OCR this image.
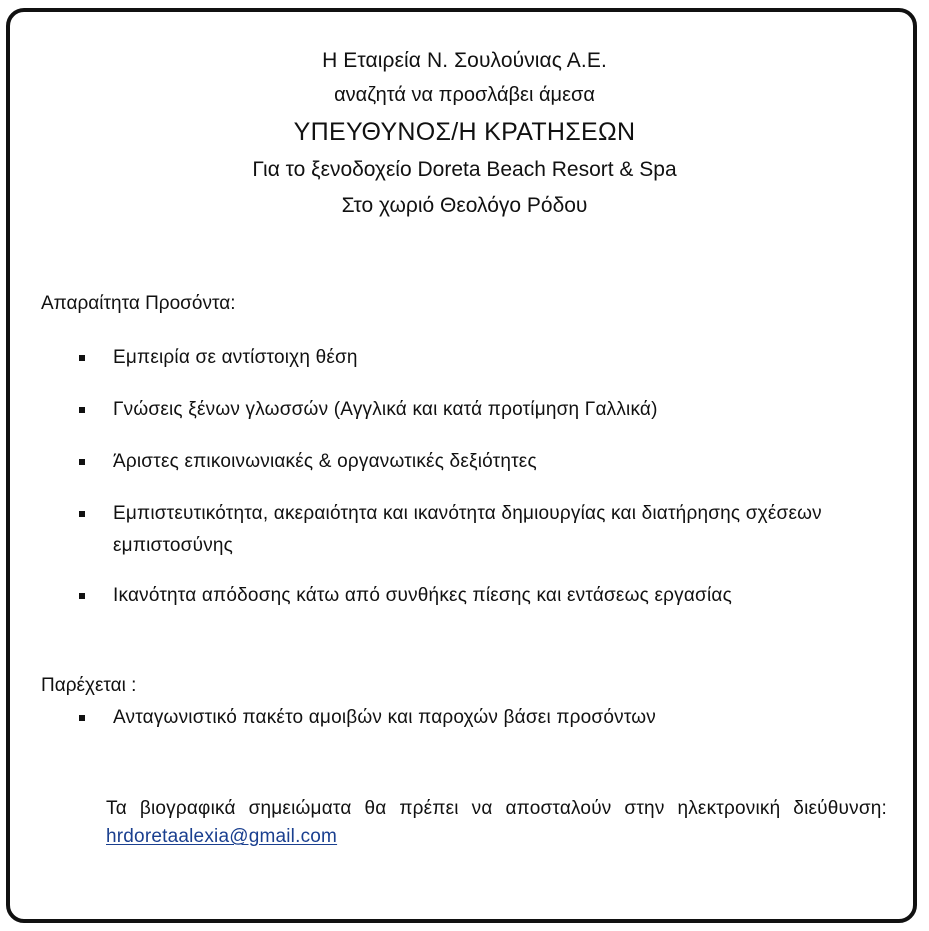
Η Εταιρεία Ν. Σουλούνιας Α.Ε.
αναζητά να προσλάβει άμεσα
ΥΠΕΥΘΥΝΟΣ/Η ΚΡΑΤΗΣΕΩΝ
Για το ξενοδοχείο Doreta Beach Resort & Spa
Στο χωριό Θεολόγο Ρόδου
Απαραίτητα Προσόντα:
Εμπειρία σε αντίστοιχη θέση
Γνώσεις ξένων γλωσσών (Αγγλικά και κατά προτίμηση Γαλλικά)
Άριστες επικοινωνιακές & οργανωτικές δεξιότητες
Εμπιστευτικότητα, ακεραιότητα και ικανότητα δημιουργίας και διατήρησης σχέσεων εμπιστοσύνης
Ικανότητα απόδοσης κάτω από συνθήκες πίεσης και εντάσεως εργασίας
Παρέχεται :
Ανταγωνιστικό πακέτο αμοιβών και παροχών βάσει προσόντων
Τα βιογραφικά σημειώματα θα πρέπει να αποσταλούν στην ηλεκτρονική διεύθυνση: hrdoretaalexia@gmail.com
